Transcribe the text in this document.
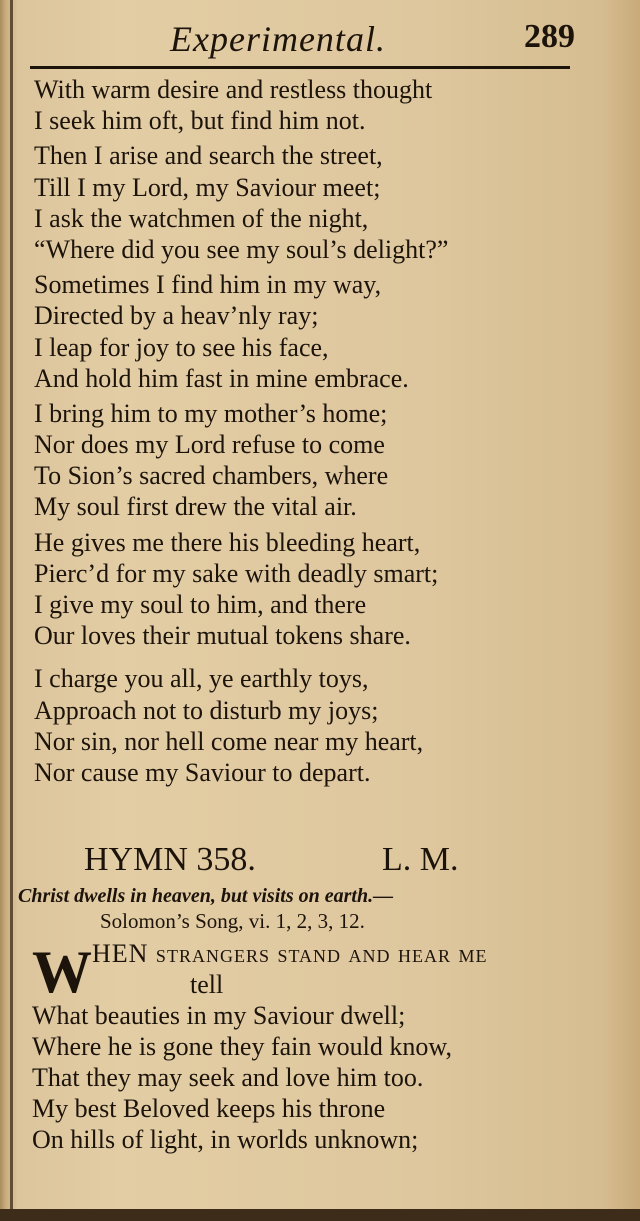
Experimental.	289
With warm desire and restless thought
I seek him oft, but find him not.
Then I arise and search the street,
Till I my Lord, my Saviour meet;
I ask the watchmen of the night,
“Where did you see my soul’s delight?”
Sometimes I find him in my way,
Directed by a heav’nly ray;
I leap for joy to see his face,
And hold him fast in mine embrace.
I bring him to my mother’s home;
Nor does my Lord refuse to come
To Sion’s sacred chambers, where
My soul first drew the vital air.
He gives me there his bleeding heart,
Pierc’d for my sake with deadly smart;
I give my soul to him, and there
Our loves their mutual tokens share.
I charge you all, ye earthly toys,
Approach not to disturb my joys;
Nor sin, nor hell come near my heart,
Nor cause my Saviour to depart.
HYMN 358.	L. M.
Christ dwells in heaven, but visits on earth.—
Solomon’s Song, vi. 1, 2, 3, 12.
W HEN strangers stand and hear me
tell
What beauties in my Saviour dwell;
Where he is gone they fain would know,
That they may seek and love him too.
My best Beloved keeps his throne
On hills of light, in worlds unknown;
